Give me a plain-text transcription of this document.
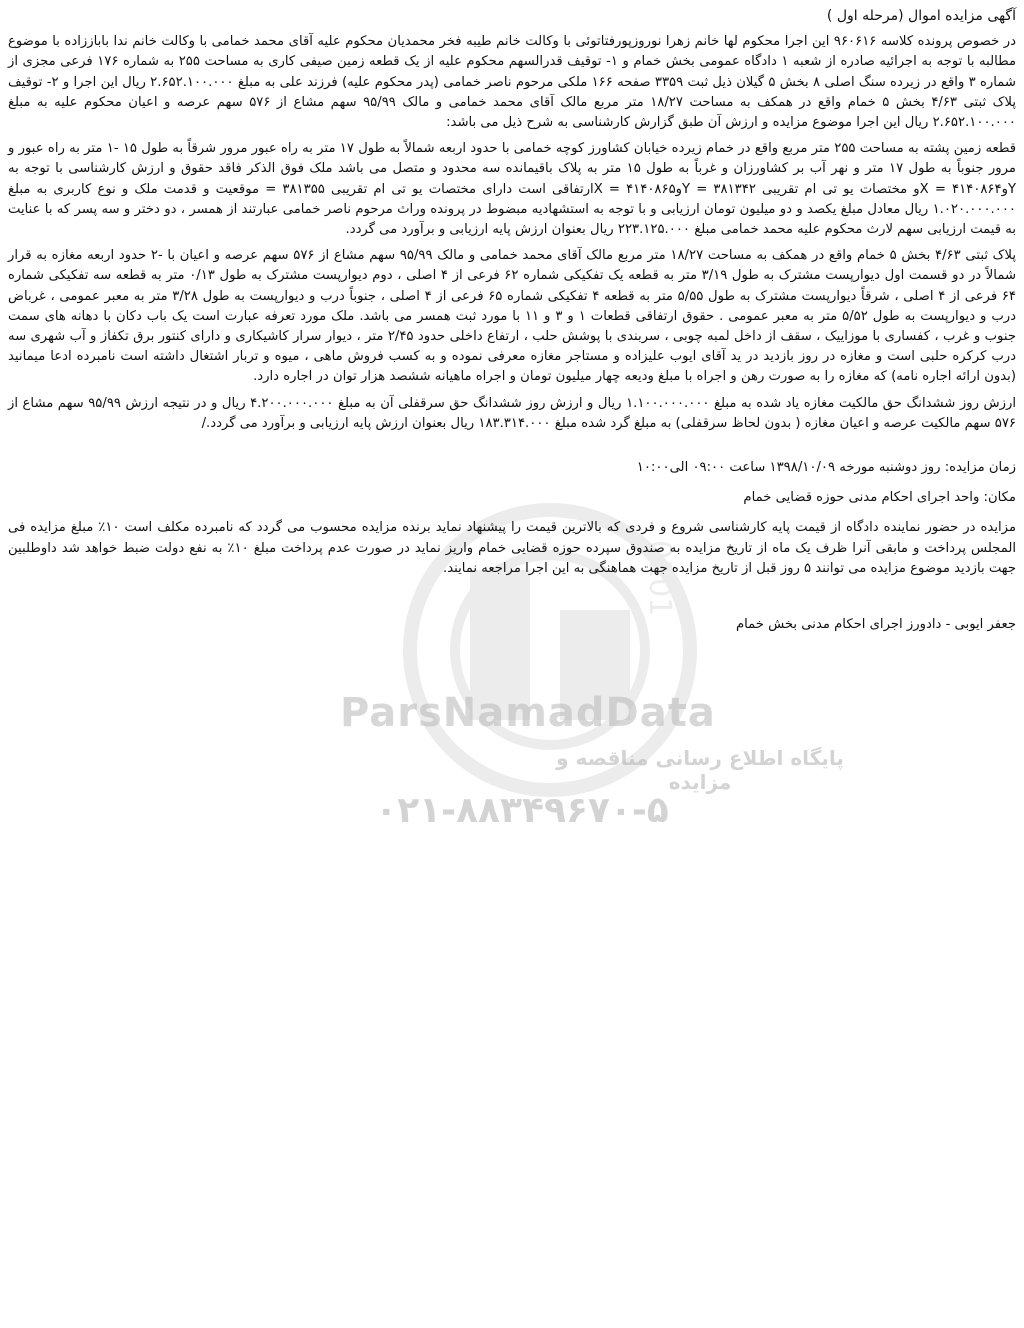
0101
ParsNamadData
پایگاه اطلاع رسانی مناقصه و مزایده
۰۲۱-۸۸۳۴۹۶۷۰-۵
آگهی مزایده اموال (مرحله اول )

در خصوص پرونده کلاسه ۹۶۰۶۱۶ این اجرا محکوم لها خانم زهرا نوروزپورفتاتوئی با وکالت خانم طیبه فخر محمدیان محکوم علیه آقای محمد خمامی با وکالت خانم ندا باباززاده با موضوع مطالبه با توجه به اجرائیه صادره از شعبه ۱ دادگاه عمومی بخش خمام و ۱- توقیف قدرالسهم محکوم علیه از یک قطعه زمین صیفی کاری به مساحت ۲۵۵ به شماره ۱۷۶ فرعی مجزی از شماره ۳ واقع در زیرده سنگ اصلی ۸ بخش ۵ گیلان ذیل ثبت ۳۳۵۹ صفحه ۱۶۶ ملکی مرحوم ناصر خمامی (پدر محکوم علیه) فرزند علی به مبلغ ۲.۶۵۲.۱۰۰.۰۰۰ ریال این اجرا و ۲- توقیف پلاک ثبتی ۴/۶۳ بخش ۵ خمام واقع در همکف به مساحت ۱۸/۲۷ متر مربع مالک آقای محمد خمامی و مالک ۹۵/۹۹ سهم مشاع از ۵۷۶ سهم عرصه و اعیان محکوم علیه به مبلغ ۲.۶۵۲.۱۰۰.۰۰۰ ریال این اجرا موضوع مزایده و ارزش آن طبق گزارش کارشناسی به شرح ذیل می باشد:

قطعه زمین پشته به مساحت ۲۵۵ متر مربع واقع در خمام زیرده خیابان کشاورز کوچه خمامی با حدود اربعه شمالاً به طول ۱۷ متر به راه عبور مرور شرقاً به طول ۱۵ -۱ متر به راه عبور و مرور جنوباً به طول ۱۷ متر و نهر آ‌ب بر کشاورزان و غرباً به طول ۱۵ متر به پلاک باقیمانده سه محدود و متصل می باشد ملک فوق الذکر فاقد حقوق و ارزش کارشناسی با توجه به Yو۴۱۴۰۸۶۴ = Xو مختصات یو تی ام تقریبی ۳۸۱۳۴۲ = Yو۴۱۴۰۸۶۵ = Xارتفاقی است دارای مختصات یو تی ام تقریبی ۳۸۱۳۵۵ = موقعیت و قدمت ملک و نوع کاربری به مبلغ ۱.۰۲۰.۰۰۰.۰۰۰ ریال معادل مبلغ یکصد و دو میلیون تومان ارزیابی و با توجه به استشهادیه مبضوط در پرونده وراث مرحوم ناصر خمامی عبارتند از همسر ، دو دختر و سه پسر که با عنایت به قیمت ارزیابی سهم لارث محکوم علیه محمد خمامی مبلغ ۲۲۳.۱۲۵.۰۰۰ ریال بعنوان ارزش پایه ارزیابی و برآورد می گردد.

پلاک ثبتی ۴/۶۳ بخش ۵ خمام واقع در همکف به مساحت ۱۸/۲۷ متر مربع مالک آقای محمد خمامی و مالک ۹۵/۹۹ سهم مشاع از ۵۷۶ سهم عرصه و اعیان با -۲ حدود اربعه مغازه به قرار شمالاً در دو قسمت اول دیوارپست مشترک به طول ۳/۱۹ متر به قطعه یک تفکیکی شماره ۶۲ فرعی از ۴ اصلی ، دوم دیوارپست مشترک به طول ۰/۱۳ متر به قطعه سه تفکیکی شماره ۶۴ فرعی از ۴ اصلی ، شرقاً دیوارپست مشترک به طول ۵/۵۵ متر به قطعه ۴ تفکیکی شماره ۶۵ فرعی از ۴ اصلی ، جنوباً درب و دیوارپست به طول ۳/۲۸ متر به معبر عمومی ، غرباض درب و دیوارپست به طول ۵/۵۲ متر به معبر عمومی . حقوق ارتفاقی قطعات ۱ و ۳ و ۱۱ با مورد ثبت همسر می باشد. ملک مورد تعرفه عبارت است یک باب دکان با دهانه های سمت جنوب و غرب ، کفساری با موزاییک ، سقف از داخل لمبه چوبی ، سربندی با پوشش حلب ، ارتفاع داخلی حدود ۲/۴۵ متر ، دیوار سرار کاشیکاری و دارای کنتور برق تکفاز و آب شهری سه درب کرکره حلبی است و مغازه در روز بازدید در ید آقای ایوب علیزاده و مستاجر مغازه معرفی نموده و به کسب فروش ماهی ، میوه و تربار اشتغال داشته است نامبرده ادعا میمانید (بدون ارائه اجاره نامه) که مغازه را به صورت رهن و اجراه با مبلغ ودیعه چهار میلیون تومان و اجراه ماهیانه ششصد هزار توان در اجاره دارد.

ارزش روز ششدانگ حق مالکیت مغازه یاد شده به مبلغ ۱.۱۰۰.۰۰۰.۰۰۰ ریال و ارزش روز ششدانگ حق سرقفلی آن به مبلغ ۴.۲۰۰.۰۰۰.۰۰۰ ریال و در نتیجه ارزش ۹۵/۹۹ سهم مشاع از ۵۷۶ سهم مالکیت عرصه و اعیان مغازه ( بدون لحاظ سرقفلی) به مبلغ گرد شده مبلغ ۱۸۳.۳۱۴.۰۰۰ ریال بعنوان ارزش پایه ارزیابی و برآورد می گردد./

زمان مزایده: روز دوشنبه مورخه ۱۳۹۸/۱۰/۰۹ ساعت ۰۹:۰۰ الی۱۰:۰۰

مکان: واحد اجرای احکام مدنی حوزه قضایی خمام

مزایده در حضور نماینده دادگاه از قیمت پایه کارشناسی شروع و فردی که بالاترین قیمت را پیشنهاد نماید برنده مزایده محسوب می گردد که نامبرده مکلف است ۱۰٪ مبلغ مزایده فی المجلس پرداخت و مابقی آنرا ظرف یک ماه از تاریخ مزایده به صندوق سپرده حوزه قضایی خمام واریز نماید در صورت عدم پرداخت مبلغ ۱۰٪ به نفع دولت ضبط خواهد شد داوطلبین جهت بازدید موضوع مزایده می توانند ۵ روز قبل از تاریخ مزایده جهت هماهنگی به این اجرا مراجعه نمایند.

جعفر ایوبی - دادورز اجرای احکام مدنی بخش خمام
